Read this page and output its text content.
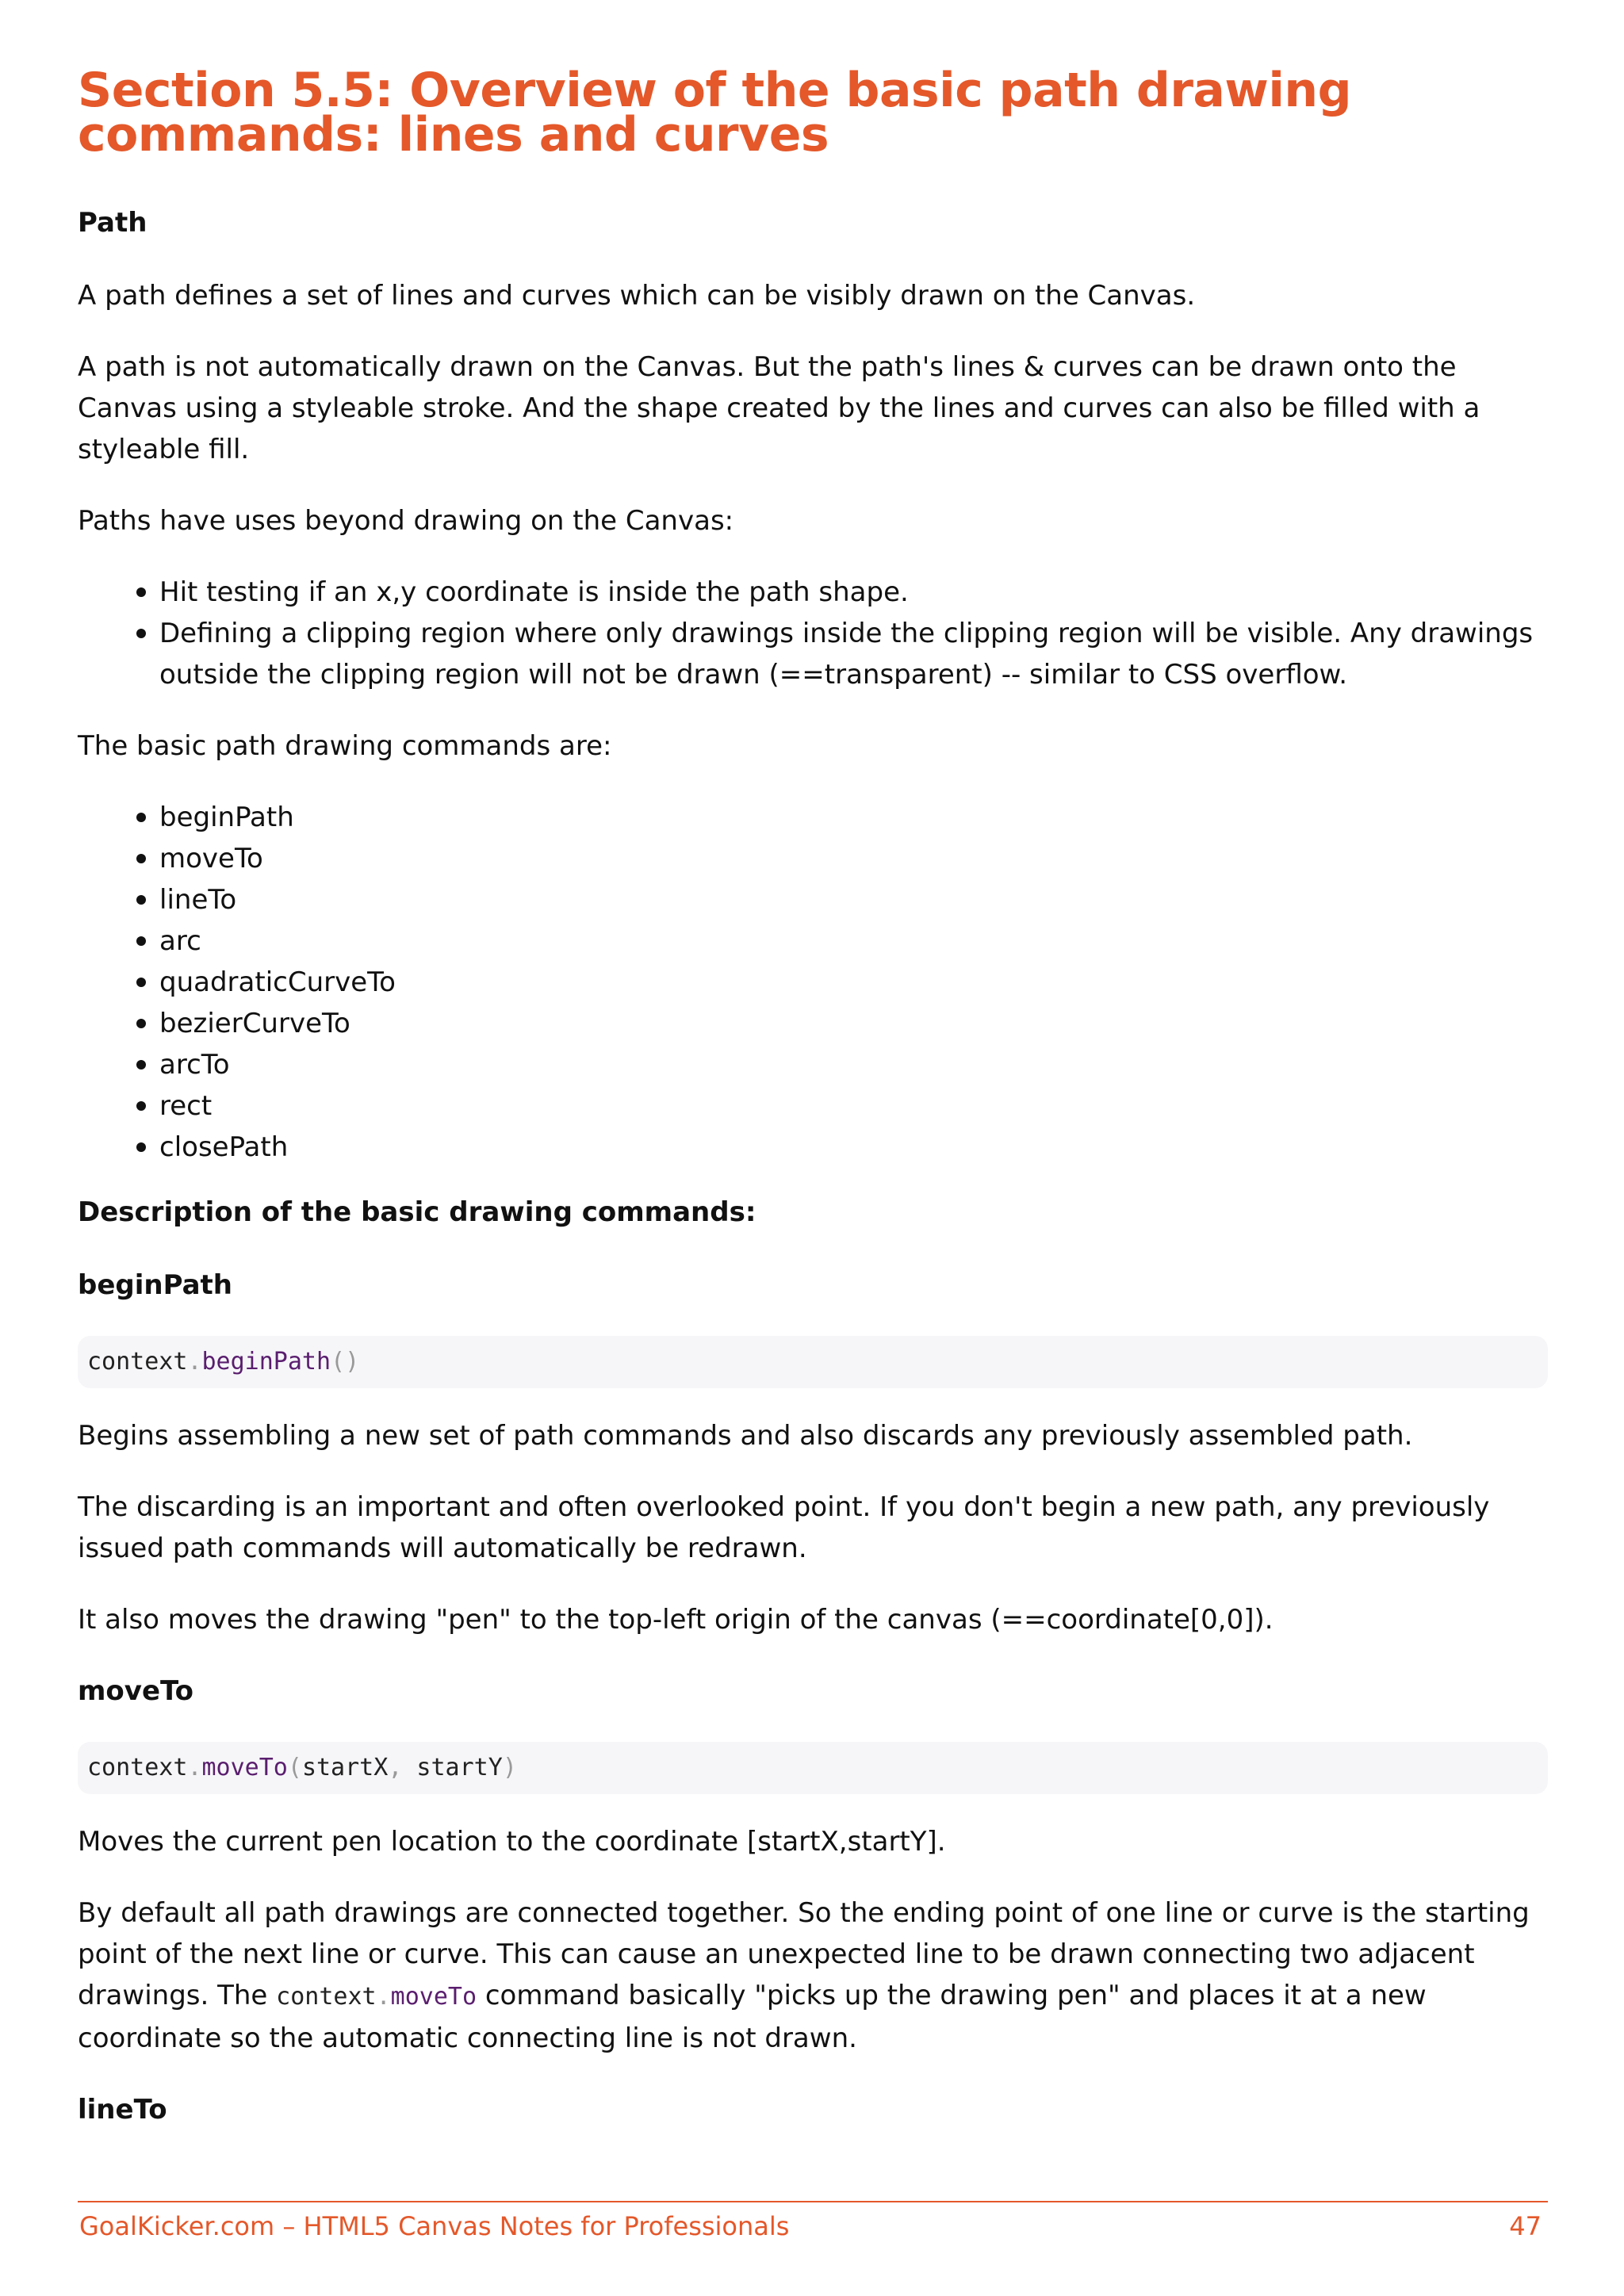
Section 5.5: Overview of the basic path drawing commands: lines and curves
Path

A path defines a set of lines and curves which can be visibly drawn on the Canvas.

A path is not automatically drawn on the Canvas. But the path's lines & curves can be drawn onto the Canvas using a styleable stroke. And the shape created by the lines and curves can also be filled with a styleable fill.

Paths have uses beyond drawing on the Canvas:

Hit testing if an x,y coordinate is inside the path shape.
Defining a clipping region where only drawings inside the clipping region will be visible. Any drawings outside the clipping region will not be drawn (==transparent) -- similar to CSS overflow.

The basic path drawing commands are:

beginPath
moveTo
lineTo
arc
quadraticCurveTo
bezierCurveTo
arcTo
rect
closePath
Description of the basic drawing commands:
beginPath
context.beginPath()

Begins assembling a new set of path commands and also discards any previously assembled path.

The discarding is an important and often overlooked point. If you don't begin a new path, any previously issued path commands will automatically be redrawn.

It also moves the drawing "pen" to the top-left origin of the canvas (==coordinate[0,0]).

moveTo
context.moveTo(startX, startY)

Moves the current pen location to the coordinate [startX,startY].

By default all path drawings are connected together. So the ending point of one line or curve is the starting point of the next line or curve. This can cause an unexpected line to be drawn connecting two adjacent drawings. The context.moveTo command basically "picks up the drawing pen" and places it at a new coordinate so the automatic connecting line is not drawn.

lineTo
GoalKicker.com – HTML5 Canvas Notes for Professionals	47
